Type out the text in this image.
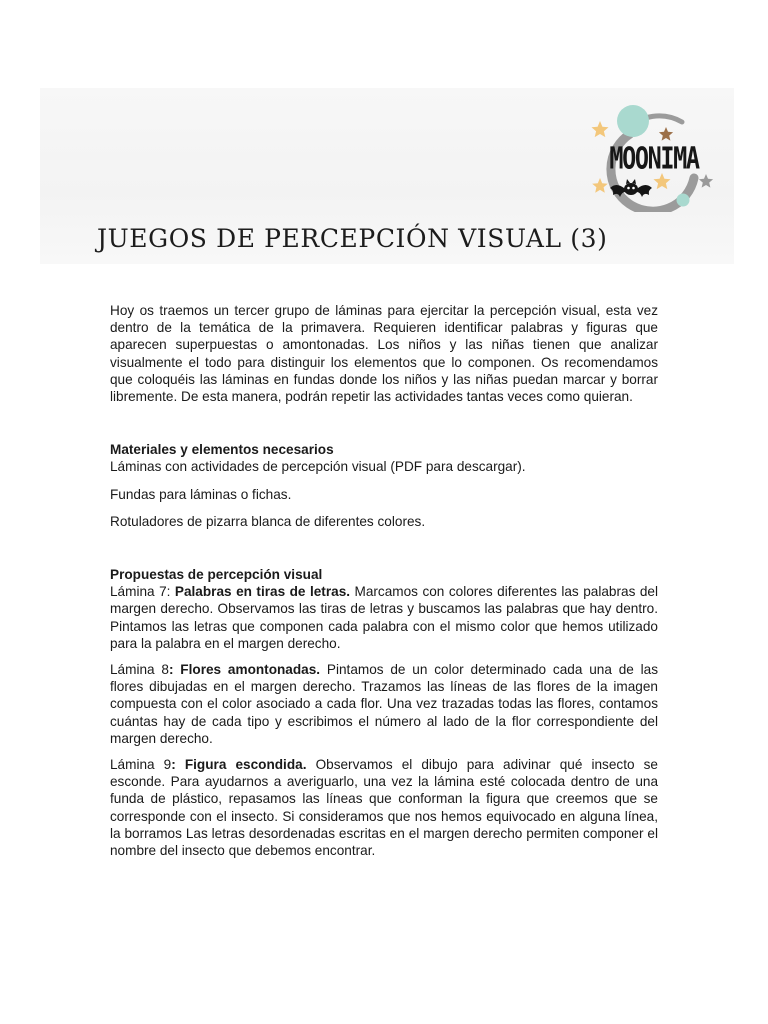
JUEGOS DE PERCEPCIÓN VISUAL (3)
MOONIMA

Hoy os traemos un tercer grupo de láminas para ejercitar la percepción visual, esta vez dentro de la temática de la primavera. Requieren identificar palabras y figuras que aparecen superpuestas o amontonadas. Los niños y las niñas tienen que analizar visualmente el todo para distinguir los elementos que lo componen. Os recomendamos que coloquéis las láminas en fundas donde los niños y las niñas puedan marcar y borrar libremente. De esta manera, podrán repetir las actividades tantas veces como quieran.

Materiales y elementos necesarios

Láminas con actividades de percepción visual (PDF para descargar).

Fundas para láminas o fichas.

Rotuladores de pizarra blanca de diferentes colores.

Propuestas de percepción visual

Lámina 7: Palabras en tiras de letras. Marcamos con colores diferentes las palabras del margen derecho. Observamos las tiras de letras y buscamos las palabras que hay dentro. Pintamos las letras que componen cada palabra con el mismo color que hemos utilizado para la palabra en el margen derecho.

Lámina 8: Flores amontonadas. Pintamos de un color determinado cada una de las flores dibujadas en el margen derecho. Trazamos las líneas de las flores de la imagen compuesta con el color asociado a cada flor. Una vez trazadas todas las flores, contamos cuántas hay de cada tipo y escribimos el número al lado de la flor correspondiente del margen derecho.

Lámina 9: Figura escondida. Observamos el dibujo para adivinar qué insecto se esconde. Para ayudarnos a averiguarlo, una vez la lámina esté colocada dentro de una funda de plástico, repasamos las líneas que conforman la figura que creemos que se corresponde con el insecto. Si consideramos que nos hemos equivocado en alguna línea, la borramos Las letras desordenadas escritas en el margen derecho permiten componer el nombre del insecto que debemos encontrar.
